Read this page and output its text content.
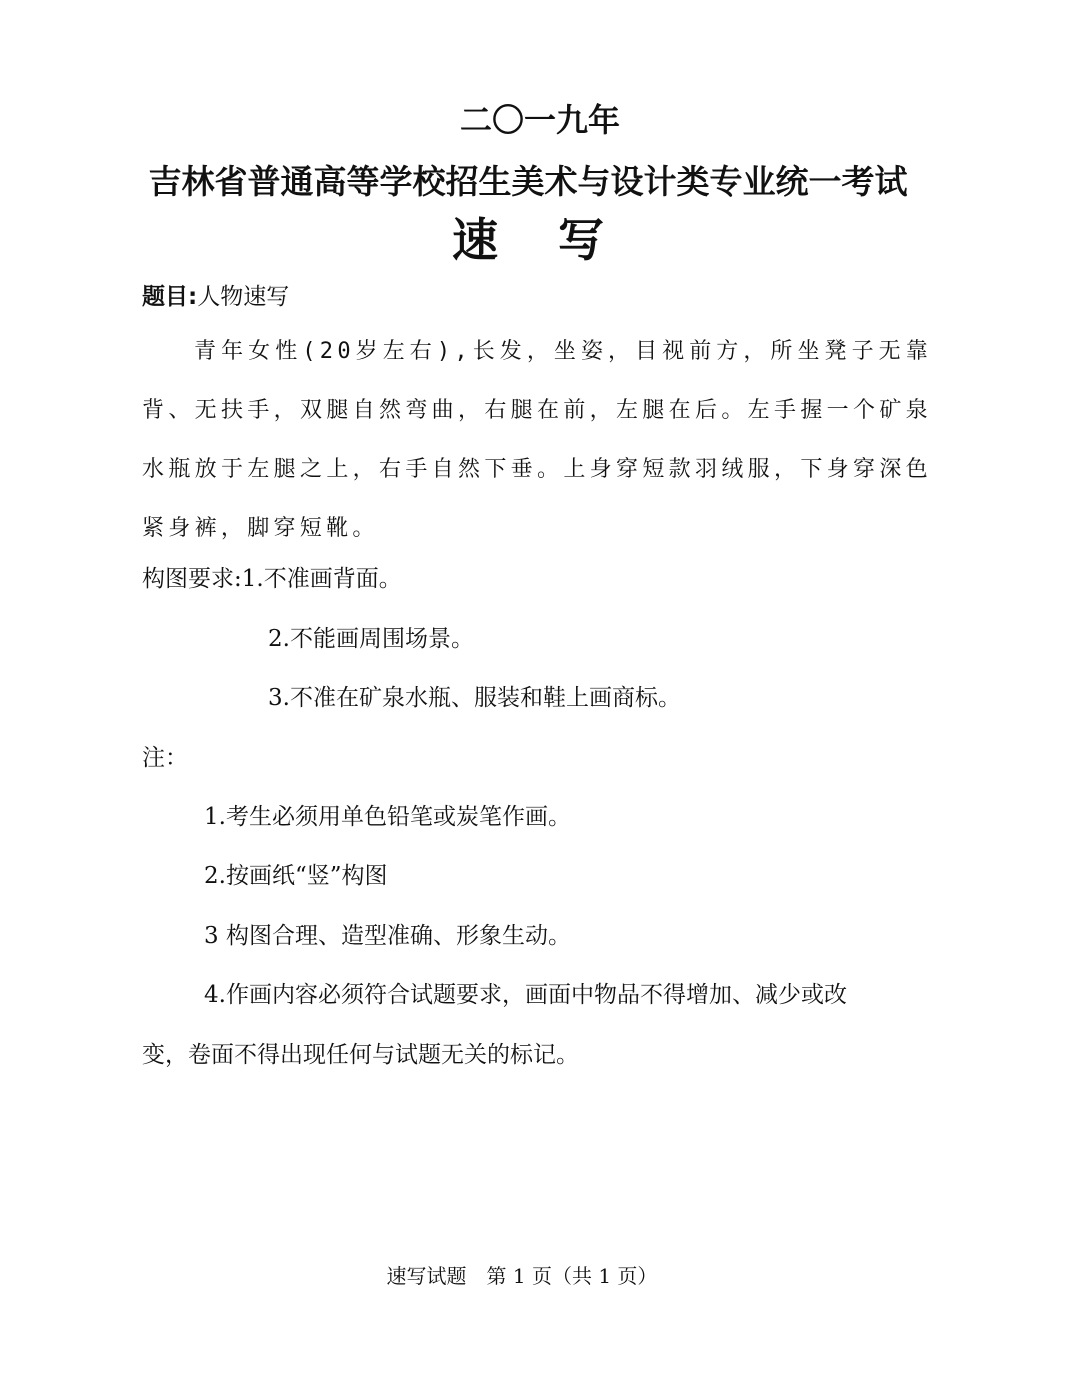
二〇一九年
吉林省普通高等学校招生美术与设计类专业统一考试
速写
题目:人物速写
青年女性(20岁左右),长发，坐姿，目视前方，所坐凳子无靠背、无扶手，双腿自然弯曲，右腿在前，左腿在后。左手握一个矿泉水瓶放于左腿之上，右手自然下垂。上身穿短款羽绒服，下身穿深色紧身裤，脚穿短靴。
构图要求:1.不准画背面。
2.不能画周围场景。
3.不准在矿泉水瓶、服装和鞋上画商标。
注：
1.考生必须用单色铅笔或炭笔作画。
2.按画纸“竖”构图
3 构图合理、造型准确、形象生动。
4.作画内容必须符合试题要求，画面中物品不得增加、减少或改
变，卷面不得出现任何与试题无关的标记。
速写试题　第 1 页（共 1 页）
